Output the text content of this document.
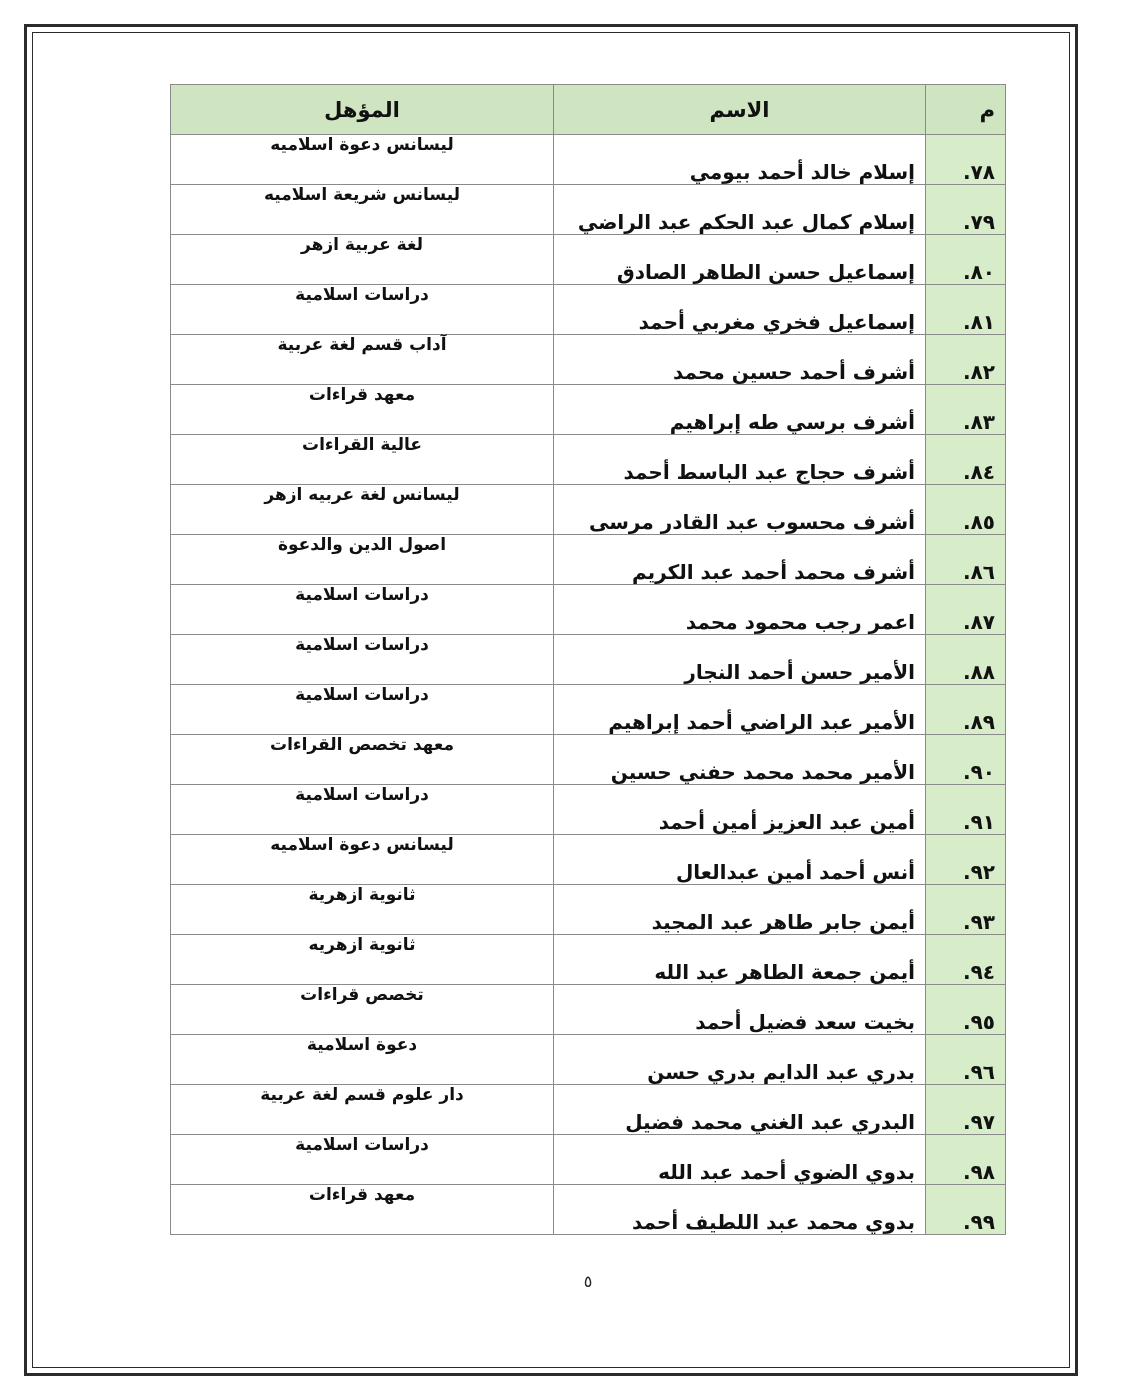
م	الاسم	المؤهل
٧٨.	إسلام خالد أحمد بيومي	ليسانس دعوة اسلاميه
٧٩.	إسلام كمال عبد الحكم عبد الراضي	ليسانس شريعة اسلاميه
٨٠.	إسماعيل حسن الطاهر الصادق	لغة عربية ازهر
٨١.	إسماعيل فخري مغربي أحمد	دراسات اسلامية
٨٢.	أشرف أحمد حسين محمد	آداب قسم لغة عربية
٨٣.	أشرف برسي طه إبراهيم	معهد قراءات
٨٤.	أشرف حجاج عبد الباسط أحمد	عالية القراءات
٨٥.	أشرف محسوب عبد القادر مرسى	ليسانس لغة عربيه ازهر
٨٦.	أشرف محمد أحمد عبد الكريم	اصول الدين والدعوة
٨٧.	اعمر رجب محمود محمد	دراسات اسلامية
٨٨.	الأمير حسن أحمد النجار	دراسات اسلامية
٨٩.	الأمير عبد الراضي أحمد إبراهيم	دراسات اسلامية
٩٠.	الأمير محمد محمد حفني حسين	معهد تخصص القراءات
٩١.	أمين عبد العزيز أمين أحمد	دراسات اسلامية
٩٢.	أنس أحمد أمين عبدالعال	ليسانس دعوة اسلاميه
٩٣.	أيمن جابر طاهر عبد المجيد	ثانوية ازهرية
٩٤.	أيمن جمعة الطاهر عبد الله	ثانوية ازهريه
٩٥.	بخيت سعد فضيل أحمد	تخصص قراءات
٩٦.	بدري عبد الدايم بدري حسن	دعوة اسلامية
٩٧.	البدري عبد الغني محمد فضيل	دار علوم قسم لغة عربية
٩٨.	بدوي الضوي أحمد عبد الله	دراسات اسلامية
٩٩.	بدوي محمد عبد اللطيف أحمد	معهد قراءات
٥
